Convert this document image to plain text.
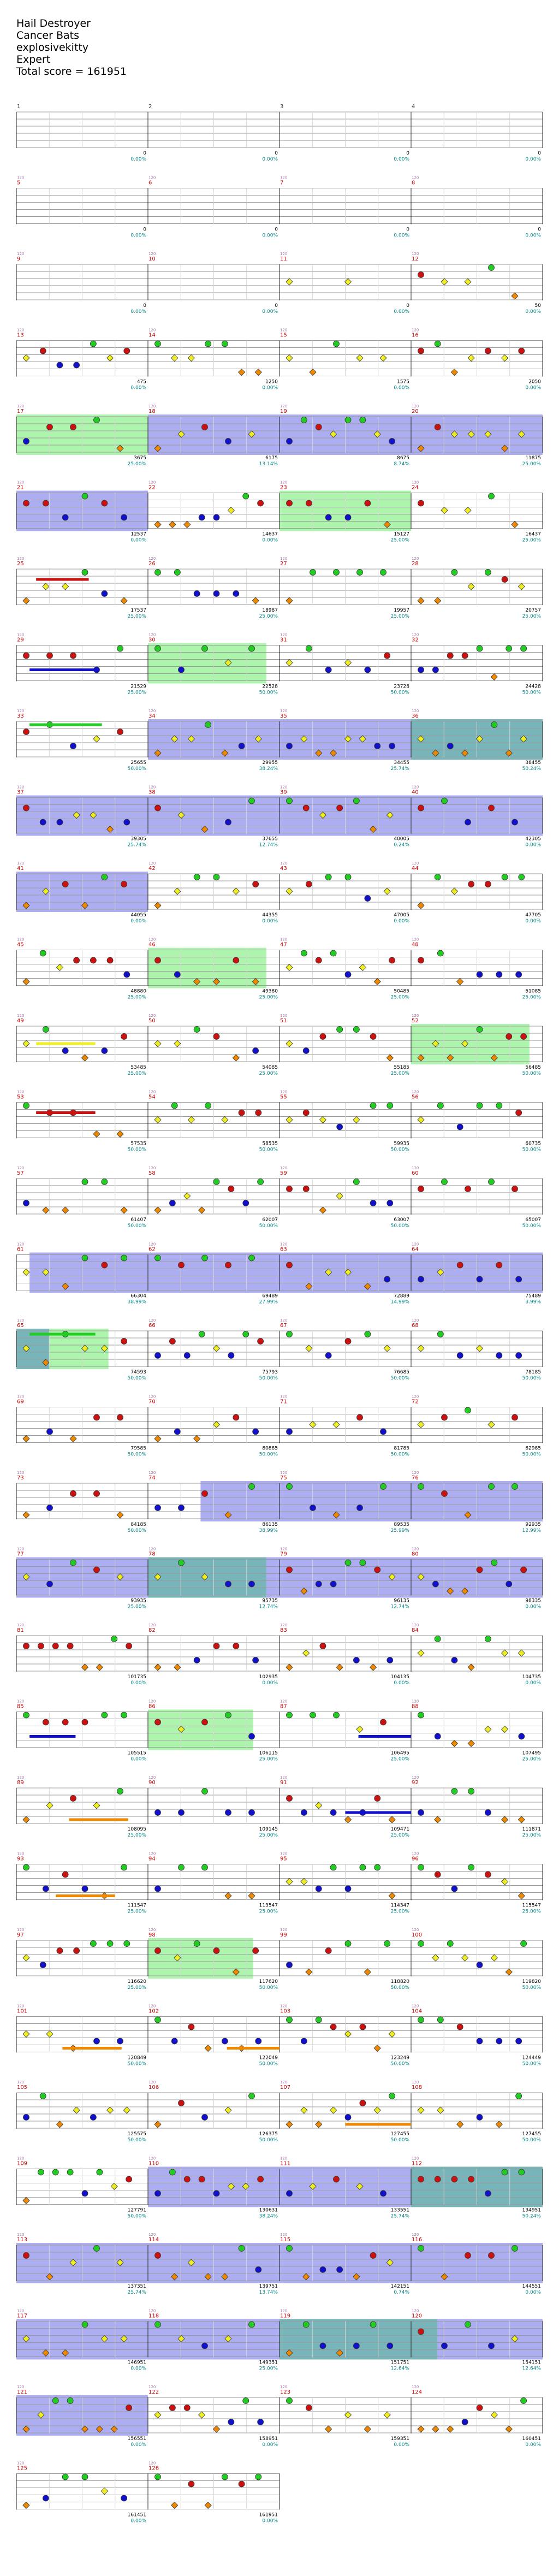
Hail Destroyer
Cancer Bats
explosivekitty
Expert
Total score = 161951
1
0
0.00%
2
0
0.00%
3
0
0.00%
4
0
0.00%
5
120
0
0.00%
6
120
0
0.00%
7
120
0
0.00%
8
120
0
0.00%
9
120
0
0.00%
10
120
0
0.00%
11
120
0
0.00%
12
120
50
0.00%
13
120
475
0.00%
14
120
1250
0.00%
15
120
1575
0.00%
16
120
2050
0.00%
17
120
3675
25.00%
18
120
6175
13.14%
19
120
8675
8.74%
20
120
11875
25.00%
21
120
12537
0.00%
22
120
14637
0.00%
23
120
15127
25.00%
24
120
16437
25.00%
25
120
17537
25.00%
26
120
18987
25.00%
27
120
19957
25.00%
28
120
20757
25.00%
29
120
21529
25.00%
30
120
22528
50.00%
31
120
23728
50.00%
32
120
24428
50.00%
33
120
25655
50.00%
34
120
29955
38.24%
35
120
34455
25.74%
36
120
38455
50.24%
37
120
39305
25.74%
38
120
37655
12.74%
39
120
40005
0.24%
40
120
42305
0.00%
41
120
44055
0.00%
42
120
44355
0.00%
43
120
47005
0.00%
44
120
47705
0.00%
45
120
48880
25.00%
46
120
49380
25.00%
47
120
50485
25.00%
48
120
51085
25.00%
49
120
53485
25.00%
50
120
54085
25.00%
51
120
55185
25.00%
52
120
56485
50.00%
53
120
57535
50.00%
54
120
58535
50.00%
55
120
59935
50.00%
56
120
60735
50.00%
57
120
61407
50.00%
58
120
62007
50.00%
59
120
63007
50.00%
60
120
65007
50.00%
61
120
66304
38.99%
62
120
69489
27.99%
63
120
72889
14.99%
64
120
75489
3.99%
65
120
74593
50.00%
66
120
75793
50.00%
67
120
76685
50.00%
68
120
78185
50.00%
69
120
79585
50.00%
70
120
80885
50.00%
71
120
81785
50.00%
72
120
82985
50.00%
73
120
84185
50.00%
74
120
86135
38.99%
75
120
89535
25.99%
76
120
92935
12.99%
77
120
93935
25.00%
78
120
95735
12.74%
79
120
96135
12.74%
80
120
98335
0.00%
81
120
101735
0.00%
82
120
102935
0.00%
83
120
104135
0.00%
84
120
104735
0.00%
85
120
105515
0.00%
86
120
106115
25.00%
87
120
106495
25.00%
88
120
107495
25.00%
89
120
108095
25.00%
90
120
109145
25.00%
91
120
109471
25.00%
92
120
111871
25.00%
93
120
111547
25.00%
94
120
113547
25.00%
95
120
114347
25.00%
96
120
115547
25.00%
97
120
116620
25.00%
98
120
117620
50.00%
99
120
118820
50.00%
100
120
119820
50.00%
101
120
120849
50.00%
102
120
122049
50.00%
103
120
123249
50.00%
104
120
124449
50.00%
105
120
125575
50.00%
106
120
126375
50.00%
107
120
127455
50.00%
108
120
127455
50.00%
109
120
127791
50.00%
110
120
130631
38.24%
111
120
133551
25.74%
112
120
134951
50.24%
113
120
137351
25.74%
114
120
139751
13.74%
115
120
142151
0.74%
116
120
144551
0.00%
117
120
146951
0.00%
118
120
149351
25.00%
119
120
151751
12.64%
120
120
154151
12.64%
121
120
156551
0.00%
122
120
158951
0.00%
123
120
159351
0.00%
124
120
160451
0.00%
125
120
161451
0.00%
126
120
161951
0.00%
